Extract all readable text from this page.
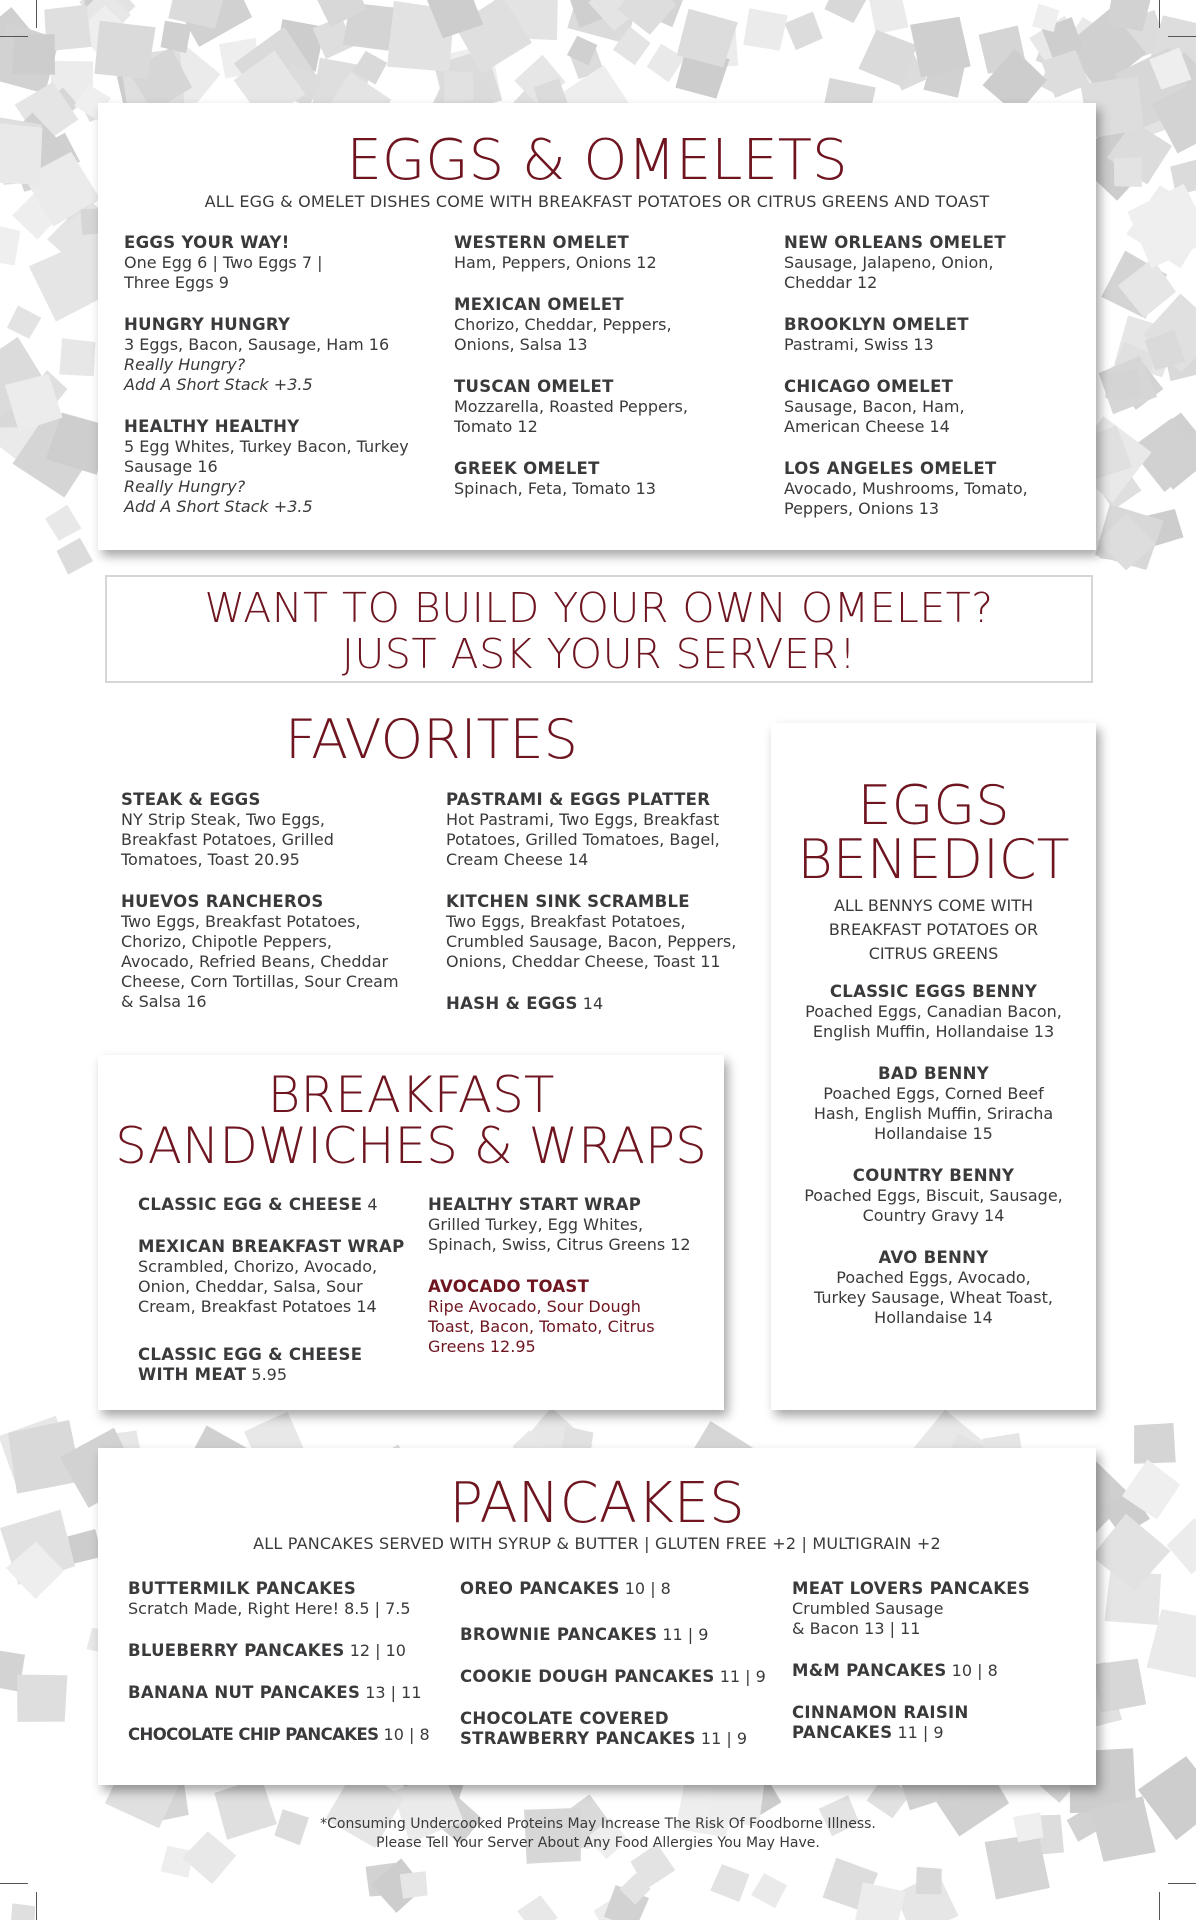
EGGS & OMELETS

ALL EGG & OMELET DISHES COME WITH BREAKFAST POTATOES OR CITRUS GREENS AND TOAST

EGGS YOUR WAY!
One Egg 6 | Two Eggs 7 |
Three Eggs 9
HUNGRY HUNGRY
3 Eggs, Bacon, Sausage, Ham 16
Really Hungry?
Add A Short Stack +3.5
HEALTHY HEALTHY
5 Egg Whites, Turkey Bacon, Turkey
Sausage 16
Really Hungry?
Add A Short Stack +3.5
WESTERN OMELET
Ham, Peppers, Onions 12
MEXICAN OMELET
Chorizo, Cheddar, Peppers,
Onions, Salsa 13
TUSCAN OMELET
Mozzarella, Roasted Peppers,
Tomato 12
GREEK OMELET
Spinach, Feta, Tomato 13
NEW ORLEANS OMELET
Sausage, Jalapeno, Onion,
Cheddar 12
BROOKLYN OMELET
Pastrami, Swiss 13
CHICAGO OMELET
Sausage, Bacon, Ham,
American Cheese 14
LOS ANGELES OMELET
Avocado, Mushrooms, Tomato,
Peppers, Onions 13
WANT TO BUILD YOUR OWN OMELET?
JUST ASK YOUR SERVER!
FAVORITES
STEAK & EGGS
NY Strip Steak, Two Eggs,
Breakfast Potatoes, Grilled
Tomatoes, Toast 20.95
HUEVOS RANCHEROS
Two Eggs, Breakfast Potatoes,
Chorizo, Chipotle Peppers,
Avocado, Refried Beans, Cheddar
Cheese, Corn Tortillas, Sour Cream
& Salsa 16
PASTRAMI & EGGS PLATTER
Hot Pastrami, Two Eggs, Breakfast
Potatoes, Grilled Tomatoes, Bagel,
Cream Cheese 14
KITCHEN SINK SCRAMBLE
Two Eggs, Breakfast Potatoes,
Crumbled Sausage, Bacon, Peppers,
Onions, Cheddar Cheese, Toast 11
HASH & EGGS 14
EGGS
BENEDICT
ALL BENNYS COME WITH
BREAKFAST POTATOES OR
CITRUS GREENS
CLASSIC EGGS BENNY
Poached Eggs, Canadian Bacon,
English Muffin, Hollandaise 13
BAD BENNY
Poached Eggs, Corned Beef
Hash, English Muffin, Sriracha
Hollandaise 15
COUNTRY BENNY
Poached Eggs, Biscuit, Sausage,
Country Gravy 14
AVO BENNY
Poached Eggs, Avocado,
Turkey Sausage, Wheat Toast,
Hollandaise 14
BREAKFAST
SANDWICHES & WRAPS
CLASSIC EGG & CHEESE 4
MEXICAN BREAKFAST WRAP
Scrambled, Chorizo, Avocado,
Onion, Cheddar, Salsa, Sour
Cream, Breakfast Potatoes 14
CLASSIC EGG & CHEESE
WITH MEAT 5.95
HEALTHY START WRAP
Grilled Turkey, Egg Whites,
Spinach, Swiss, Citrus Greens 12
AVOCADO TOAST
Ripe Avocado, Sour Dough
Toast, Bacon, Tomato, Citrus
Greens 12.95
PANCAKES

ALL PANCAKES SERVED WITH SYRUP & BUTTER | GLUTEN FREE +2 | MULTIGRAIN +2

BUTTERMILK PANCAKES
Scratch Made, Right Here! 8.5 | 7.5
BLUEBERRY PANCAKES 12 | 10
BANANA NUT PANCAKES 13 | 11
CHOCOLATE CHIP PANCAKES 10 | 8
OREO PANCAKES 10 | 8
BROWNIE PANCAKES 11 | 9
COOKIE DOUGH PANCAKES 11 | 9
CHOCOLATE COVERED
STRAWBERRY PANCAKES 11 | 9
MEAT LOVERS PANCAKES
Crumbled Sausage
& Bacon 13 | 11
M&M PANCAKES 10 | 8
CINNAMON RAISIN
PANCAKES 11 | 9
*Consuming Undercooked Proteins May Increase The Risk Of Foodborne Illness.
Please Tell Your Server About Any Food Allergies You May Have.
